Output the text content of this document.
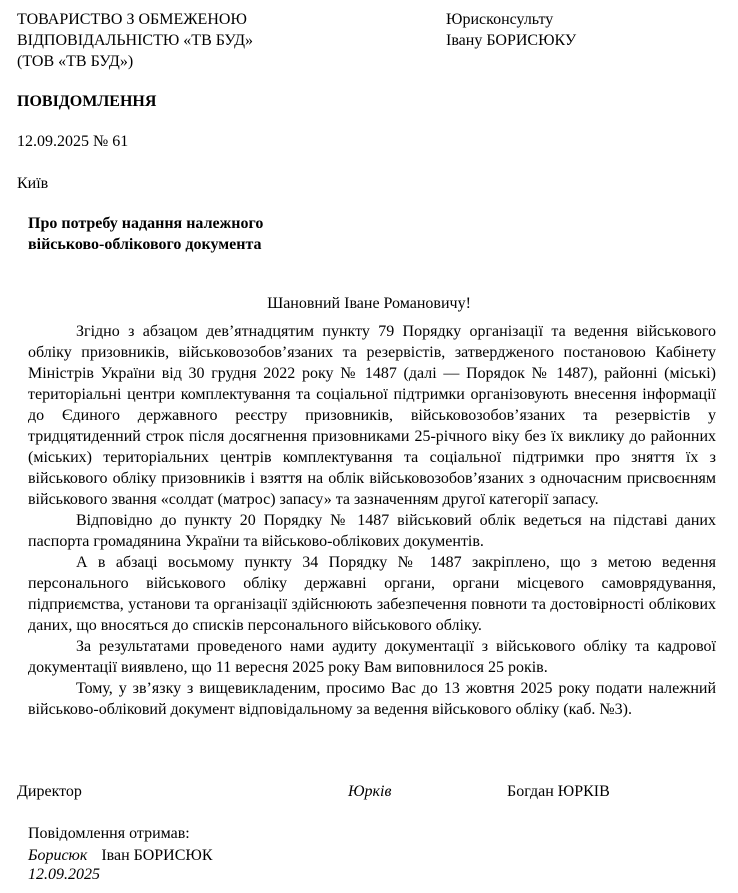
ТОВАРИСТВО З ОБМЕЖЕНОЮ
ВІДПОВІДАЛЬНІСТЮ «ТВ БУД»
(ТОВ «ТВ БУД»)
Юрисконсульту
Івану БОРИСЮКУ
ПОВІДОМЛЕННЯ
12.09.2025 № 61
Київ
Про потребу надання належного
військово-облікового документа
Шановний Іване Романовичу!

Згідно з абзацом дев’ятнадцятим пункту 79 Порядку організації та ведення військового обліку призовників, військовозобов’язаних та резервістів, затвердженого постановою Кабінету Міністрів України від 30 грудня 2022 року № 1487 (далі — Порядок № 1487), районні (міські) територіальні центри комплектування та соціальної підтримки організовують внесення інформації до Єдиного державного реєстру призовників, військовозобов’язаних та резервістів у тридцятиденний строк після досягнення призовниками 25-річного віку без їх виклику до районних (міських) територіальних центрів комплектування та соціальної підтримки про зняття їх з військового обліку призовників і взяття на облік військовозобов’язаних з одночасним присвоєнням військового звання «солдат (матрос) запасу» та зазначенням другої категорії запасу.

Відповідно до пункту 20 Порядку № 1487 військовий облік ведеться на підставі даних паспорта громадянина України та військово-облікових документів.

А в абзаці восьмому пункту 34 Порядку № 1487 закріплено, що з метою ведення персонального військового обліку державні органи, органи місцевого самоврядування, підприємства, установи та організації здійснюють забезпечення повноти та достовірності облікових даних, що вносяться до списків персонального військового обліку.

За результатами проведеного нами аудиту документації з військового обліку та кадрової документації виявлено, що 11 вересня 2025 року Вам виповнилося 25 років.

Тому, у зв’язку з вищевикладеним, просимо Вас до 13 жовтня 2025 року подати належний військово-обліковий документ відповідальному за ведення військового обліку (каб. №3).

Директор	Юрків	Богдан ЮРКІВ
Повідомлення отримав:
Борисюк Іван БОРИСЮК
12.09.2025
